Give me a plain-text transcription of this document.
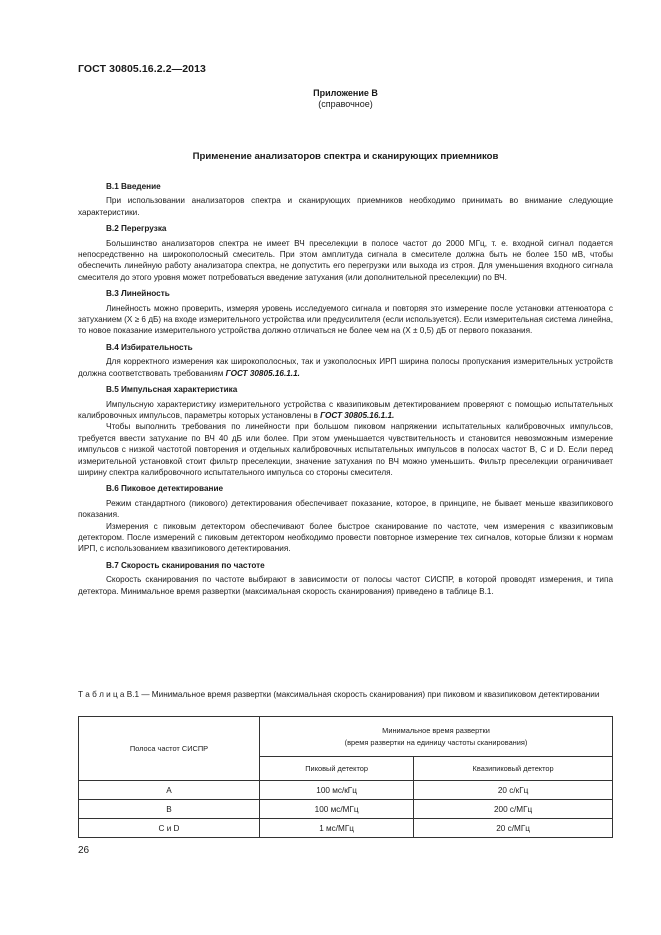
ГОСТ 30805.16.2.2—2013
Приложение В
(справочное)
Применение анализаторов спектра и сканирующих приемников
В.1 Введение

При использовании анализаторов спектра и сканирующих приемников необходимо принимать во внимание следующие характеристики.

В.2 Перегрузка

Большинство анализаторов спектра не имеет ВЧ преселекции в полосе частот до 2000 МГц, т. е. входной сигнал подается непосредственно на широкополосный смеситель. При этом амплитуда сигнала в смесителе должна быть не более 150 мВ, чтобы обеспечить линейную работу анализатора спектра, не допустить его перегрузки или выхода из строя. Для уменьшения входного сигнала смесителя до этого уровня может потребоваться введение затухания (или дополнительной преселекции) по ВЧ.

В.3 Линейность

Линейность можно проверить, измеряя уровень исследуемого сигнала и повторяя это измерение после установки аттенюатора с затуханием (X ≥ 6 дБ) на входе измерительного устройства или предусилителя (если используется). Если измерительная система линейна, то новое показание измерительного устройства должно отличаться не более чем на (X ± 0,5) дБ от первого показания.

В.4 Избирательность

Для корректного измерения как широкополосных, так и узкополосных ИРП ширина полосы пропускания измерительных устройств должна соответствовать требованиям ГОСТ 30805.16.1.1.

В.5 Импульсная характеристика

Импульсную характеристику измерительного устройства с квазипиковым детектированием проверяют с помощью испытательных калибровочных импульсов, параметры которых установлены в ГОСТ 30805.16.1.1.

Чтобы выполнить требования по линейности при большом пиковом напряжении испытательных калибровочных импульсов, требуется ввести затухание по ВЧ 40 дБ или более. При этом уменьшается чувствительность и становится невозможным измерение импульсов с низкой частотой повторения и отдельных калибровочных испытательных импульсов в полосах частот В, С и D. Если перед измерительной установкой стоит фильтр преселекции, значение затухания по ВЧ можно уменьшить. Фильтр преселекции ограничивает ширину спектра калибровочного испытательного импульса со стороны смесителя.

В.6 Пиковое детектирование

Режим стандартного (пикового) детектирования обеспечивает показание, которое, в принципе, не бывает меньше квазипикового показания.

Измерения с пиковым детектором обеспечивают более быстрое сканирование по частоте, чем измерения с квазипиковым детектором. После измерений с пиковым детектором необходимо провести повторное измерение тех сигналов, которые близки к нормам ИРП, с использованием квазипикового детектирования.

В.7 Скорость сканирования по частоте

Скорость сканирования по частоте выбирают в зависимости от полосы частот СИСПР, в которой проводят измерения, и типа детектора. Минимальное время развертки (максимальная скорость сканирования) приведено в таблице В.1.

Т а б л и ц а В.1 — Минимальное время развертки (максимальная скорость сканирования) при пиковом и квазипиковом детектировании
Полоса частот СИСПР	Минимальное время развертки
(время развертки на единицу частоты сканирования)	

	Пиковый детектор	Квазипиковый детектор
A	100 мс/кГц	20 с/кГц
B	100 мс/МГц	200 с/МГц
C и D	1 мс/МГц	20 с/МГц
26
